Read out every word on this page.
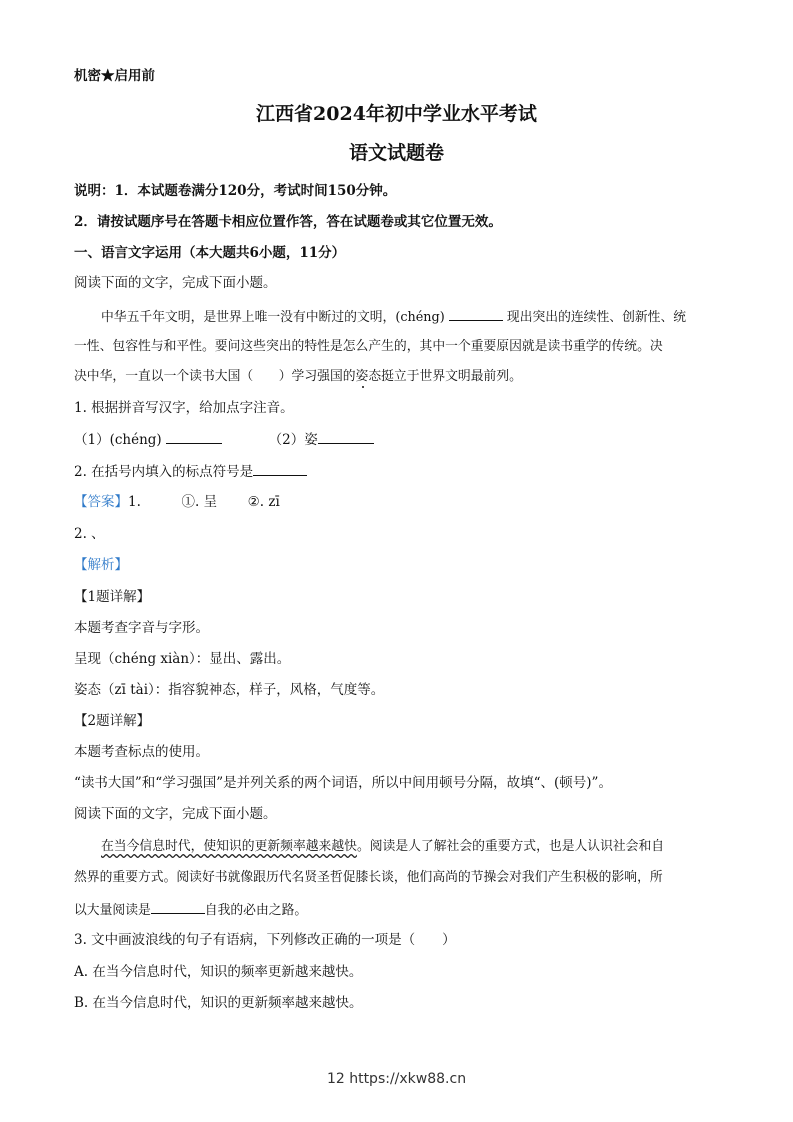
机密★启用前
江西省2024年初中学业水平考试
语文试题卷
说明：1．本试题卷满分120分，考试时间150分钟。
2．请按试题序号在答题卡相应位置作答，答在试题卷或其它位置无效。
一、语言文字运用（本大题共6小题，11分）
阅读下面的文字，完成下面小题。
中华五千年文明，是世界上唯一没有中断过的文明，(chéng)	现出突出的连续性、创新性、统
一性、包容性与和平性。要问这些突出的特性是怎么产生的，其中一个重要原因就是读书重学的传统。决
决中华，一直以一个读书大国（　　）学习强国的姿态挺立于世界文明最前列。
1. 根据拼音写汉字，给加点字注音。
（1）(chéng)	（2）姿
2. 在括号内填入的标点符号是
【答案】1.	①. 呈 ②. zī
2. 、
【解析】
【1题详解】
本题考查字音与字形。
呈现（chéng xiàn）：显出、露出。
姿态（zī tài）：指容貌神态，样子，风格，气度等。
【2题详解】
本题考查标点的使用。
“读书大国”和“学习强国”是并列关系的两个词语，所以中间用顿号分隔，故填“、(顿号)”。
阅读下面的文字，完成下面小题。
在当今信息时代，使知识的更新频率越来越快。阅读是人了解社会的重要方式，也是人认识社会和自
然界的重要方式。阅读好书就像跟历代名贤圣哲促膝长谈，他们高尚的节操会对我们产生积极的影响，所
以大量阅读是	自我的必由之路。
3. 文中画波浪线的句子有语病，下列修改正确的一项是（　　）
A. 在当今信息时代，知识的频率更新越来越快。
B. 在当今信息时代，知识的更新频率越来越快。
12 https://xkw88.cn
